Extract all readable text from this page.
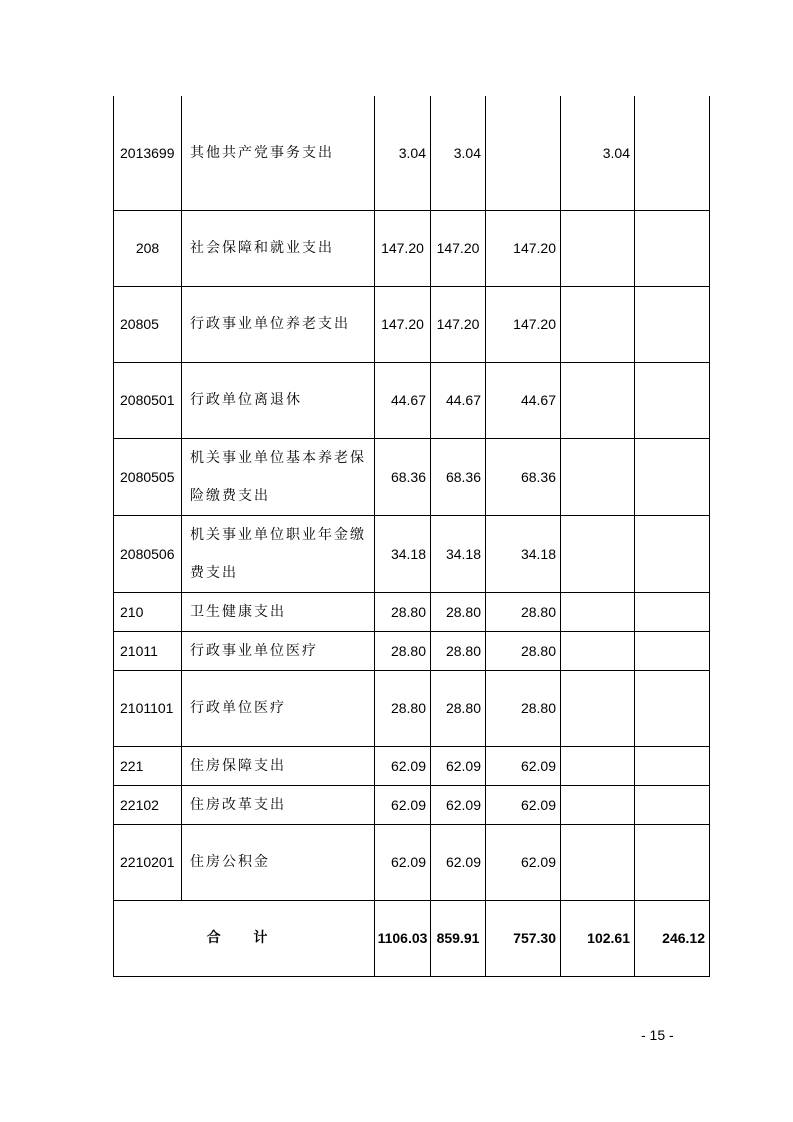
2013699	其他共产党事务支出	3.04	3.04		3.04	
208	社会保障和就业支出	147.20	147.20	147.20		
20805	行政事业单位养老支出	147.20	147.20	147.20		
2080501	行政单位离退休	44.67	44.67	44.67		
2080505	机关事业单位基本养老保险缴费支出	68.36	68.36	68.36		
2080506	机关事业单位职业年金缴费支出	34.18	34.18	34.18		
210	卫生健康支出	28.80	28.80	28.80		
21011	行政事业单位医疗	28.80	28.80	28.80		
2101101	行政单位医疗	28.80	28.80	28.80		
221	住房保障支出	62.09	62.09	62.09		
22102	住房改革支出	62.09	62.09	62.09		
2210201	住房公积金	62.09	62.09	62.09		
合 计		1106.03	859.91	757.30	102.61	246.12
- 15 -
